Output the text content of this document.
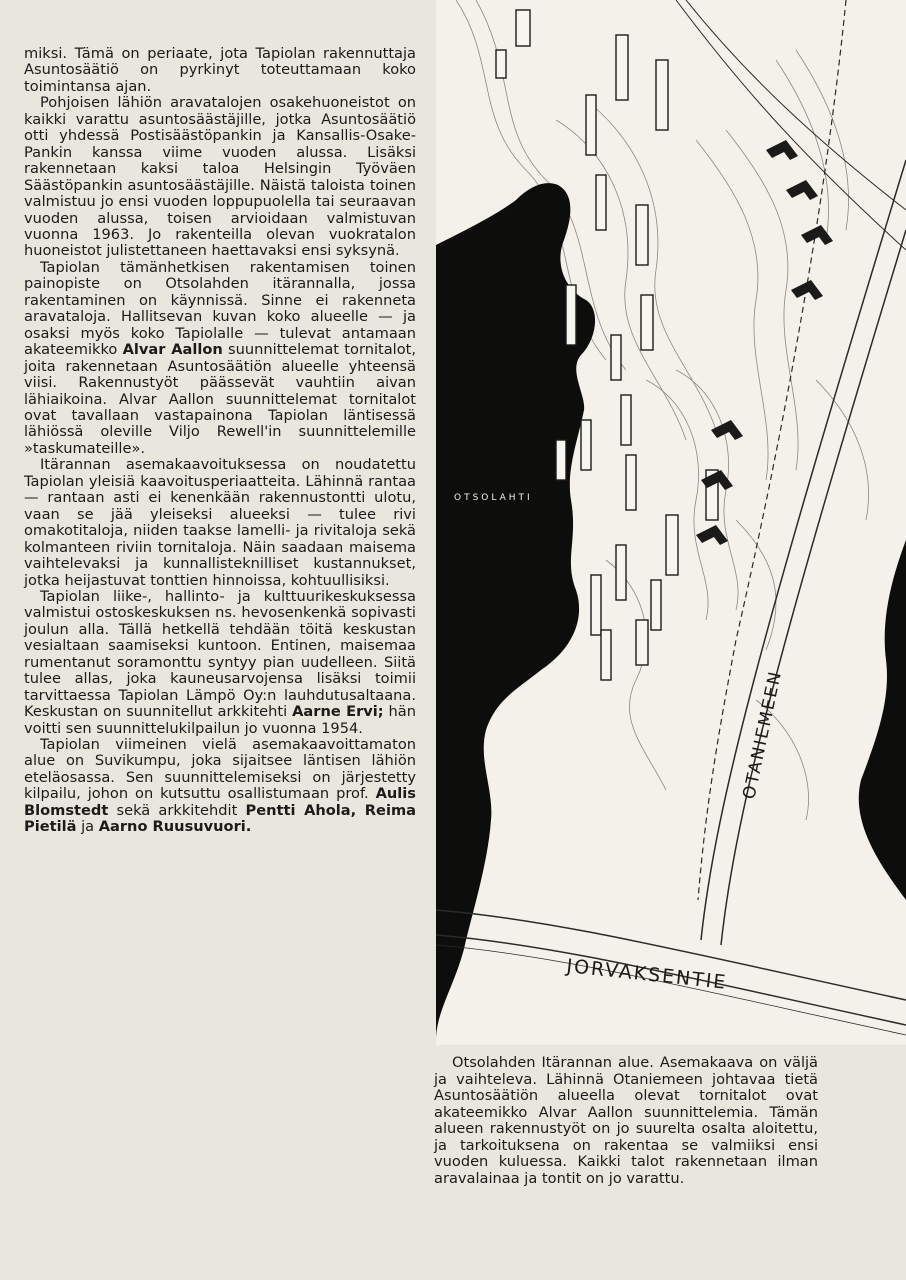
miksi. Tämä on periaate, jota Tapiolan rakennuttaja Asuntosäätiö on pyrkinyt toteuttamaan koko toimintansa ajan.

Pohjoisen lähiön aravatalojen osakehuoneistot on kaikki varattu asuntosäästäjille, jotka Asuntosäätiö otti yhdessä Postisäästöpankin ja Kansallis-Osake-Pankin kanssa viime vuoden alussa. Lisäksi rakennetaan kaksi taloa Helsingin Työväen Säästöpankin asuntosäästäjille. Näistä taloista toinen valmistuu jo ensi vuoden loppupuolella tai seuraavan vuoden alussa, toisen arvioidaan valmistuvan vuonna 1963. Jo rakenteilla olevan vuokratalon huoneistot julistettaneen haettavaksi ensi syksynä.

Tapiolan tämänhetkisen rakentamisen toinen painopiste on Otsolahden itärannalla, jossa rakentaminen on käynnissä. Sinne ei rakenneta aravataloja. Hallitsevan kuvan koko alueelle — ja osaksi myös koko Tapiolalle — tulevat antamaan akateemikko Alvar Aallon suunnittelemat tornitalot, joita rakennetaan Asuntosäätiön alueelle yhteensä viisi. Rakennustyöt päässevät vauhtiin aivan lähiaikoina. Alvar Aallon suunnittelemat tornitalot ovat tavallaan vastapainona Tapiolan läntisessä lähiössä oleville Viljo Rewell'in suunnittelemille »taskumateille».

Itärannan asemakaavoituksessa on noudatettu Tapiolan yleisiä kaavoitusperiaatteita. Lähinnä rantaa — rantaan asti ei kenenkään rakennustontti ulotu, vaan se jää yleiseksi alueeksi — tulee rivi omakotitaloja, niiden taakse lamelli- ja rivitaloja sekä kolmanteen riviin tornitaloja. Näin saadaan maisema vaihtelevaksi ja kunnallisteknilliset kustannukset, jotka heijastuvat tonttien hinnoissa, kohtuullisiksi.

Tapiolan liike-, hallinto- ja kulttuurikeskuksessa valmistui ostoskeskuksen ns. hevosenkenkä sopivasti joulun alla. Tällä hetkellä tehdään töitä keskustan vesialtaan saamiseksi kuntoon. Entinen, maisemaa rumentanut soramonttu syntyy pian uudelleen. Siitä tulee allas, joka kauneusarvojensa lisäksi toimii tarvittaessa Tapiolan Lämpö Oy:n lauhdutusaltaana. Keskustan on suunnitellut arkkitehti Aarne Ervi; hän voitti sen suunnittelukilpailun jo vuonna 1954.

Tapiolan viimeinen vielä asemakaavoittamaton alue on Suvikumpu, joka sijaitsee läntisen lähiön eteläosassa. Sen suunnittelemiseksi on järjestetty kilpailu, johon on kutsuttu osallistumaan prof. Aulis Blomstedt sekä arkkitehdit Pentti Ahola, Reima Pietilä ja Aarno Ruusuvuori.

OTSOLAHTI
OTANIEMEEN
JORVAKSENTIE

Otsolahden Itärannan alue. Asemakaava on väljä ja vaihteleva. Lähinnä Otaniemeen johtavaa tietä Asuntosäätiön alueella olevat tornitalot ovat akateemikko Alvar Aallon suunnittelemia. Tämän alueen rakennustyöt on jo suurelta osalta aloitettu, ja tarkoituksena on rakentaa se valmiiksi ensi vuoden kuluessa. Kaikki talot rakennetaan ilman aravalainaa ja tontit on jo varattu.
